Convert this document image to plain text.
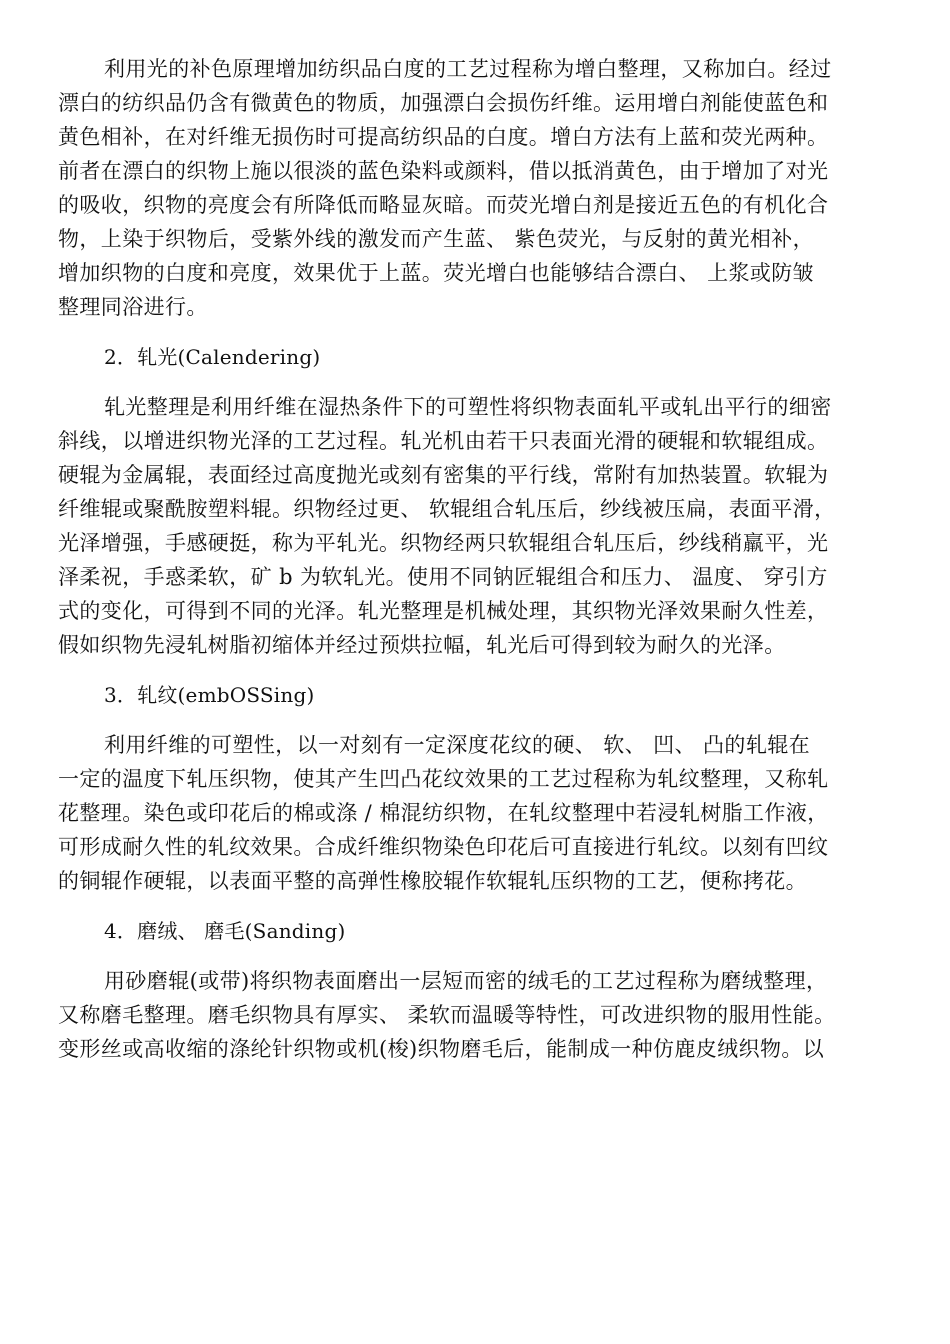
利用光的补色原理增加纺织品白度的工艺过程称为增白整理，又称加白。经过
漂白的纺织品仍含有微黄色的物质，加强漂白会损伤纤维。运用增白剂能使蓝色和
黄色相补，在对纤维无损伤时可提高纺织品的白度。增白方法有上蓝和荧光两种。
前者在漂白的织物上施以很淡的蓝色染料或颜料，借以抵消黄色，由于增加了对光
的吸收，织物的亮度会有所降低而略显灰暗。而荧光增白剂是接近五色的有机化合
物，上染于织物后，受紫外线的激发而产生蓝、 紫色荧光，与反射的黄光相补，
增加织物的白度和亮度，效果优于上蓝。荧光增白也能够结合漂白、 上浆或防皱
整理同浴进行。
2．轧光(Calendering)
轧光整理是利用纤维在湿热条件下的可塑性将织物表面轧平或轧出平行的细密
斜线，以增进织物光泽的工艺过程。轧光机由若干只表面光滑的硬辊和软辊组成。
硬辊为金属辊，表面经过高度抛光或刻有密集的平行线，常附有加热装置。软辊为
纤维辊或聚酰胺塑料辊。织物经过更、 软辊组合轧压后，纱线被压扁，表面平滑，
光泽增强，手感硬挺，称为平轧光。织物经两只软辊组合轧压后，纱线稍羸平，光
泽柔祝，手惑柔软，矿 b 为软轧光。使用不同钠匠辊组合和压力、 温度、 穿引方
式的变化，可得到不同的光泽。轧光整理是机械处理，其织物光泽效果耐久性差，
假如织物先浸轧树脂初缩体并经过预烘拉幅，轧光后可得到较为耐久的光泽。
3．轧纹(embOSSing)
利用纤维的可塑性，以一对刻有一定深度花纹的硬、 软、 凹、 凸的轧辊在
一定的温度下轧压织物，使其产生凹凸花纹效果的工艺过程称为轧纹整理，又称轧
花整理。染色或印花后的棉或涤 / 棉混纺织物，在轧纹整理中若浸轧树脂工作液，
可形成耐久性的轧纹效果。合成纤维织物染色印花后可直接进行轧纹。以刻有凹纹
的铜辊作硬辊，以表面平整的高弹性橡胶辊作软辊轧压织物的工艺，便称拷花。
4．磨绒、 磨毛(Sanding)
用砂磨辊(或带)将织物表面磨出一层短而密的绒毛的工艺过程称为磨绒整理，
又称磨毛整理。磨毛织物具有厚实、 柔软而温暖等特性，可改进织物的服用性能。
变形丝或高收缩的涤纶针织物或机(梭)织物磨毛后，能制成一种仿鹿皮绒织物。以
